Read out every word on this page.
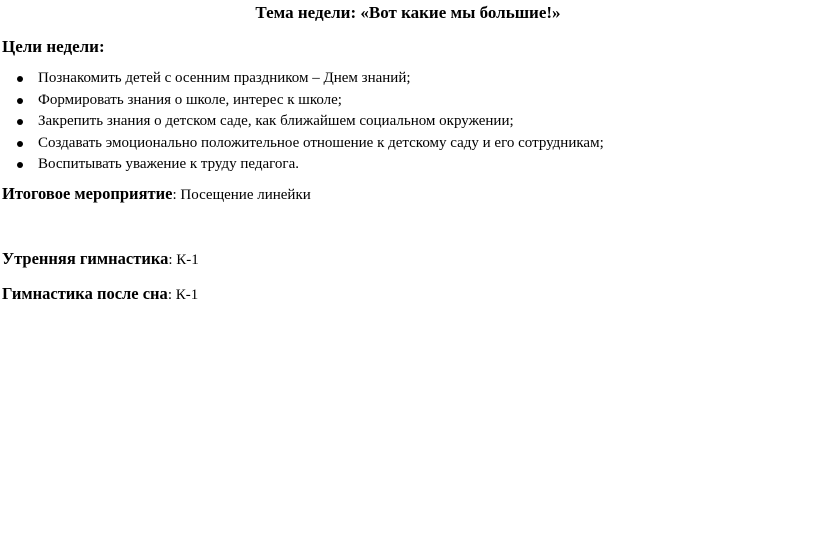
Тема недели: «Вот какие мы большие!»
Цели недели:
Познакомить детей с осенним праздником – Днем знаний;
Формировать знания о школе, интерес к школе;
Закрепить знания о детском саде, как ближайшем социальном окружении;
Создавать эмоционально положительное отношение к детскому саду и его сотрудникам;
Воспитывать уважение к труду педагога.
Итоговое мероприятие: Посещение линейки
Утренняя гимнастика: К-1
Гимнастика после сна: К-1
